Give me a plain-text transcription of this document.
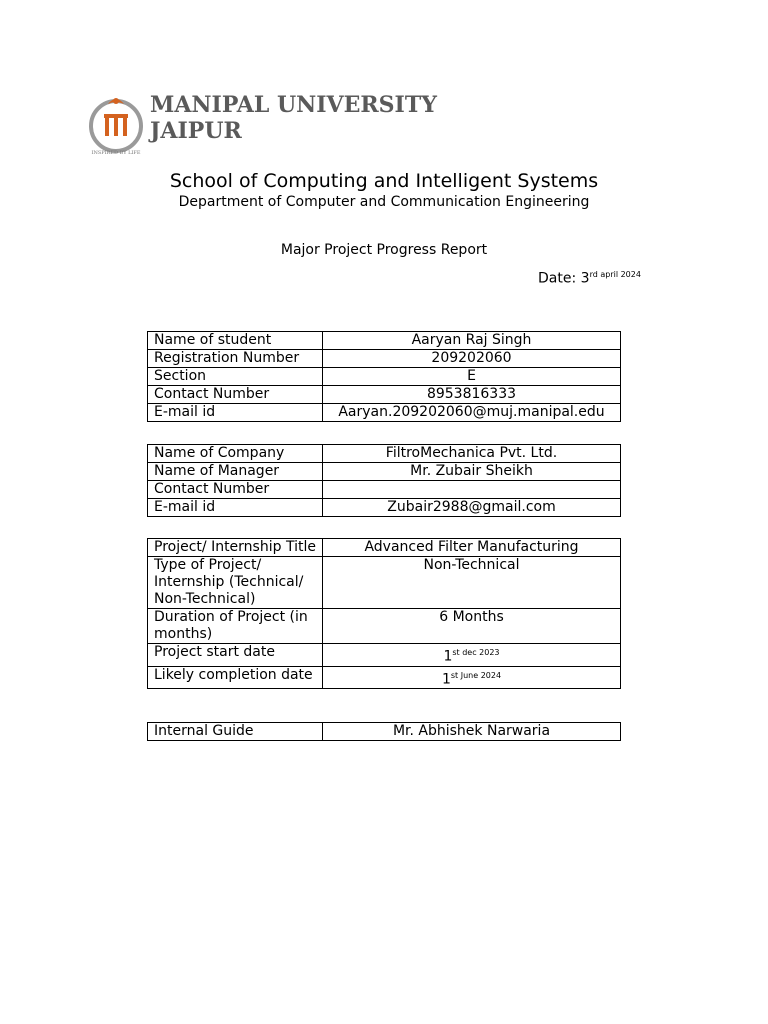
INSPIRED BY LIFE
MANIPAL UNIVERSITY
JAIPUR
School of Computing and Intelligent Systems
Department of Computer and Communication Engineering
Major Project Progress Report
Date: $3^{rd april 2024}$
Name of student	Aaryan Raj Singh
Registration Number	209202060
Section	E
Contact Number	8953816333
E-mail id	Aaryan.209202060@muj.manipal.edu
Name of Company	FiltroMechanica Pvt. Ltd.
Name of Manager	Mr. Zubair Sheikh
Contact Number	
E-mail id	Zubair2988@gmail.com
Project/ Internship Title	Advanced Filter Manufacturing
Type of Project/ Internship (Technical/ Non-Technical)	Non-Technical
Duration of Project (in months)	6 Months
Project start date	$1^{st dec 2023}$
Likely completion date	$1^{st June 2024}$
Internal Guide	Mr. Abhishek Narwaria
